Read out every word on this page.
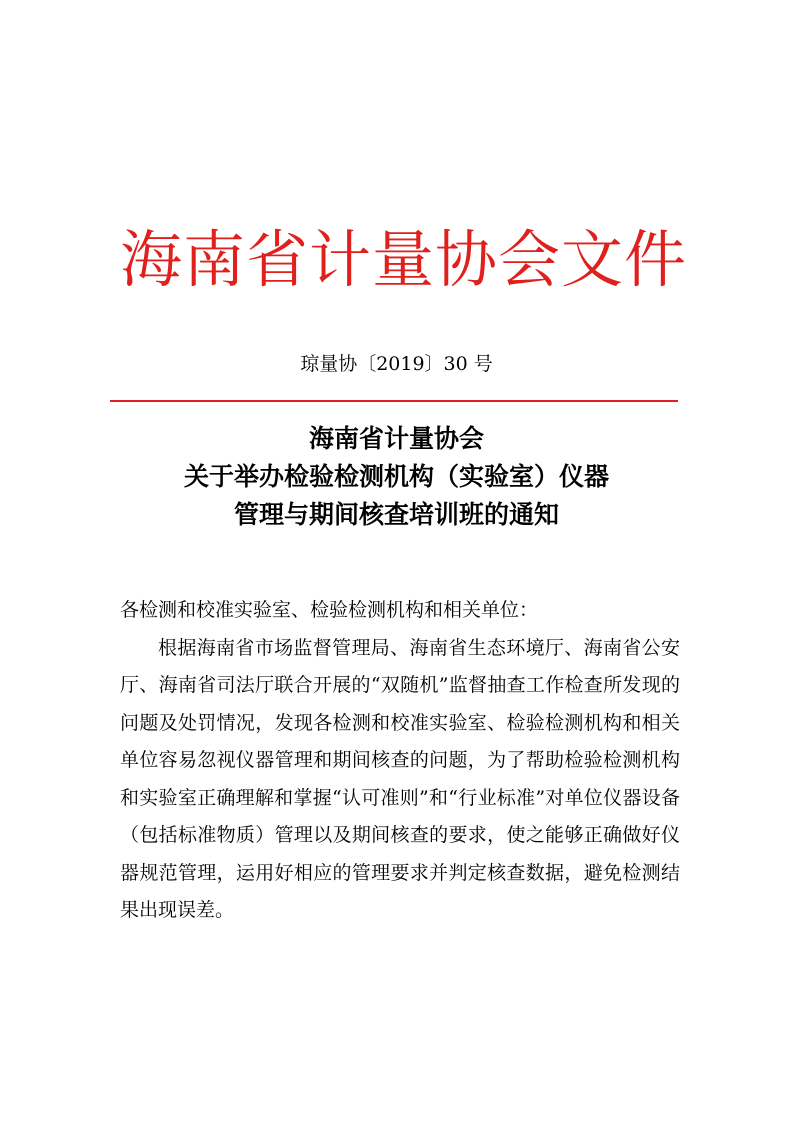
海南省计量协会文件

琼量协〔2019〕30 号

海南省计量协会
关于举办检验检测机构（实验室）仪器
管理与期间核查培训班的通知
各检测和校准实验室、检验检测机构和相关单位：
根据海南省市场监督管理局、海南省生态环境厅、海南省公安厅、海南省司法厅联合开展的“双随机”监督抽查工作检查所发现的问题及处罚情况，发现各检测和校准实验室、检验检测机构和相关单位容易忽视仪器管理和期间核查的问题，为了帮助检验检测机构和实验室正确理解和掌握“认可准则”和“行业标准”对单位仪器设备（包括标准物质）管理以及期间核查的要求，使之能够正确做好仪器规范管理，运用好相应的管理要求并判定核查数据，避免检测结果出现误差。
